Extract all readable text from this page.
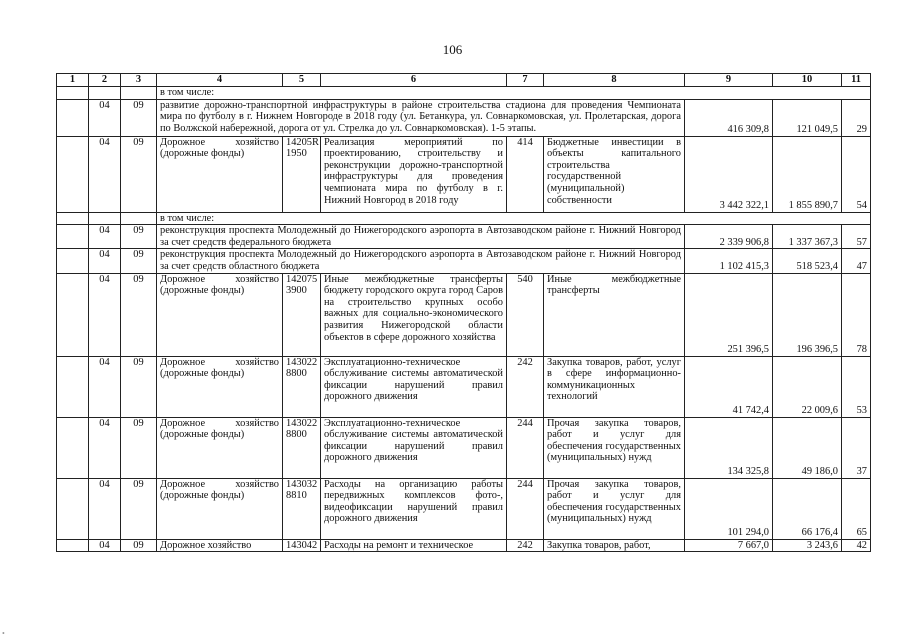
106
1	2	3	4	5	6	7	8	9	10	11
			в том числе:							
	04	09	развитие дорожно-транспортной инфраструктуры в районе строительства стадиона для проведения Чемпионата мира по футболу в г. Нижнем Новгороде в 2018 году (ул. Бетанкура, ул. Совнаркомовская, ул. Пролетарская, дорога по Волжской набережной, дорога от ул. Стрелка до ул. Совнаркомовская). 1-5 этапы.					416 309,8	121 049,5	29
	04	09	Дорожное хозяйство (дорожные фонды)	14205R 1950	Реализация мероприятий по проектированию, строительству и реконструкции дорожно-транспортной инфраструктуры для проведения чемпионата мира по футболу в г. Нижний Новгород в 2018 году	414	Бюджетные инвестиции в объекты капитального строительства государственной (муниципальной) собственности	3 442 322,1	1 855 890,7	54
			в том числе:							
	04	09	реконструкция проспекта Молодежный до Нижегородского аэропорта в Автозаводском районе г. Нижний Новгород за счет средств федерального бюджета					2 339 906,8	1 337 367,3	57
	04	09	реконструкция проспекта Молодежный до Нижегородского аэропорта в Автозаводском районе г. Нижний Новгород за счет средств областного бюджета					1 102 415,3	518 523,4	47
	04	09	Дорожное хозяйство (дорожные фонды)	142075 3900	Иные межбюджетные трансферты бюджету городского округа город Саров на строительство крупных особо важных для социально-экономического развития Нижегородской области объектов в сфере дорожного хозяйства	540	Иные межбюджетные трансферты	251 396,5	196 396,5	78
	04	09	Дорожное хозяйство (дорожные фонды)	143022 8800	Эксплуатационно-техническое обслуживание системы автоматической фиксации нарушений правил дорожного движения	242	Закупка товаров, работ, услуг в сфере информационно-коммуникационных технологий	41 742,4	22 009,6	53
	04	09	Дорожное хозяйство (дорожные фонды)	143022 8800	Эксплуатационно-техническое обслуживание системы автоматической фиксации нарушений правил дорожного движения	244	Прочая закупка товаров, работ и услуг для обеспечения государственных (муниципальных) нужд	134 325,8	49 186,0	37
	04	09	Дорожное хозяйство (дорожные фонды)	143032 8810	Расходы на организацию работы передвижных комплексов фото-, видеофиксации нарушений правил дорожного движения	244	Прочая закупка товаров, работ и услуг для обеспечения государственных (муниципальных) нужд	101 294,0	66 176,4	65
	04	09	Дорожное хозяйство	143042	Расходы на ремонт и техническое	242	Закупка товаров, работ,	7 667,0	3 243,6	42
•
